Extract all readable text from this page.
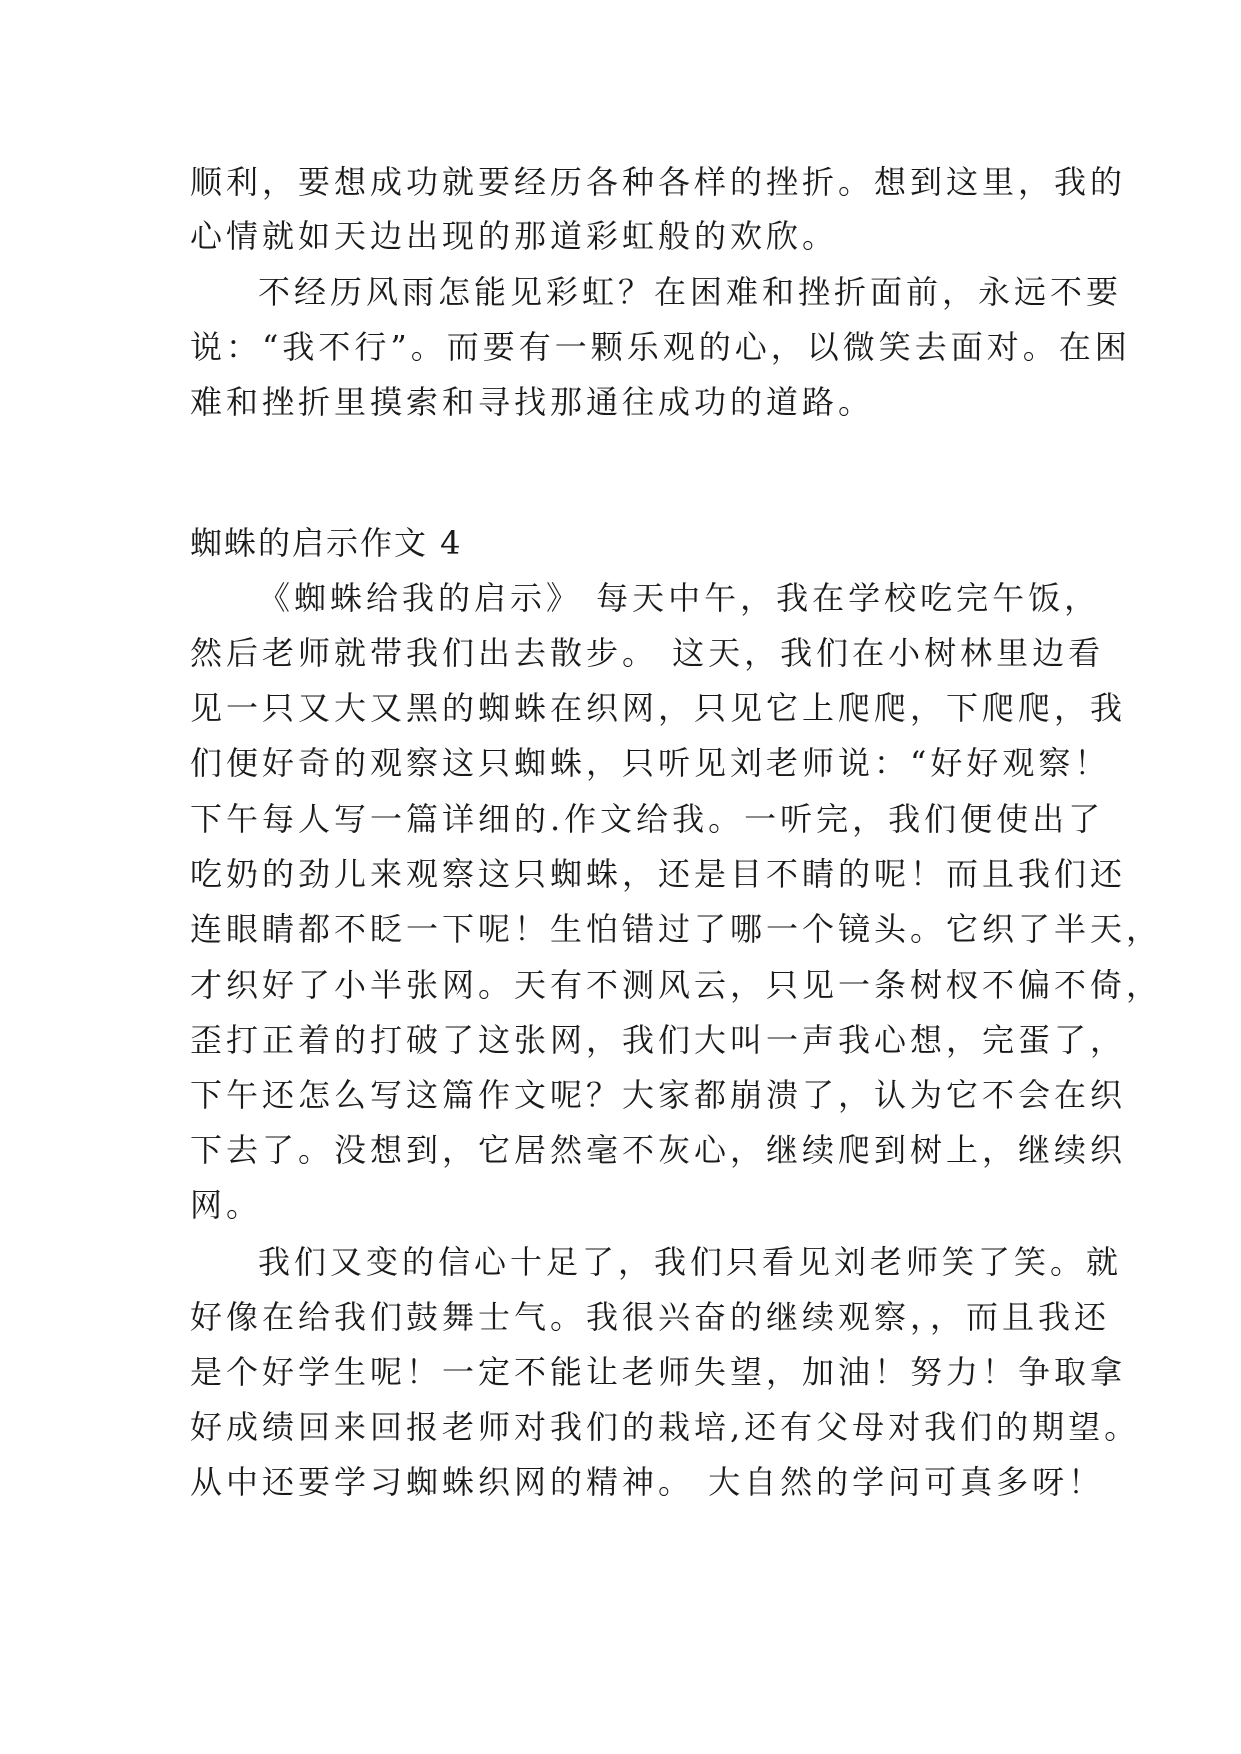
顺利，要想成功就要经历各种各样的挫折。想到这里，我的
心情就如天边出现的那道彩虹般的欢欣。
不经历风雨怎能见彩虹？在困难和挫折面前，永远不要
说：“我不行”。而要有一颗乐观的心，以微笑去面对。在困
难和挫折里摸索和寻找那通往成功的道路。
蜘蛛的启示作文 4
《蜘蛛给我的启示》 每天中午，我在学校吃完午饭，
然后老师就带我们出去散步。 这天，我们在小树林里边看
见一只又大又黑的蜘蛛在织网，只见它上爬爬，下爬爬，我
们便好奇的观察这只蜘蛛，只听见刘老师说：“好好观察！
下午每人写一篇详细的.作文给我。一听完，我们便使出了
吃奶的劲儿来观察这只蜘蛛，还是目不睛的呢！而且我们还
连眼睛都不眨一下呢！生怕错过了哪一个镜头。它织了半天，
才织好了小半张网。天有不测风云，只见一条树杈不偏不倚，
歪打正着的打破了这张网，我们大叫一声我心想，完蛋了，
下午还怎么写这篇作文呢？大家都崩溃了，认为它不会在织
下去了。没想到，它居然毫不灰心，继续爬到树上，继续织
网。
我们又变的信心十足了，我们只看见刘老师笑了笑。就
好像在给我们鼓舞士气。我很兴奋的继续观察，，而且我还
是个好学生呢！一定不能让老师失望，加油！努力！争取拿
好成绩回来回报老师对我们的栽培,还有父母对我们的期望。
从中还要学习蜘蛛织网的精神。 大自然的学问可真多呀！
